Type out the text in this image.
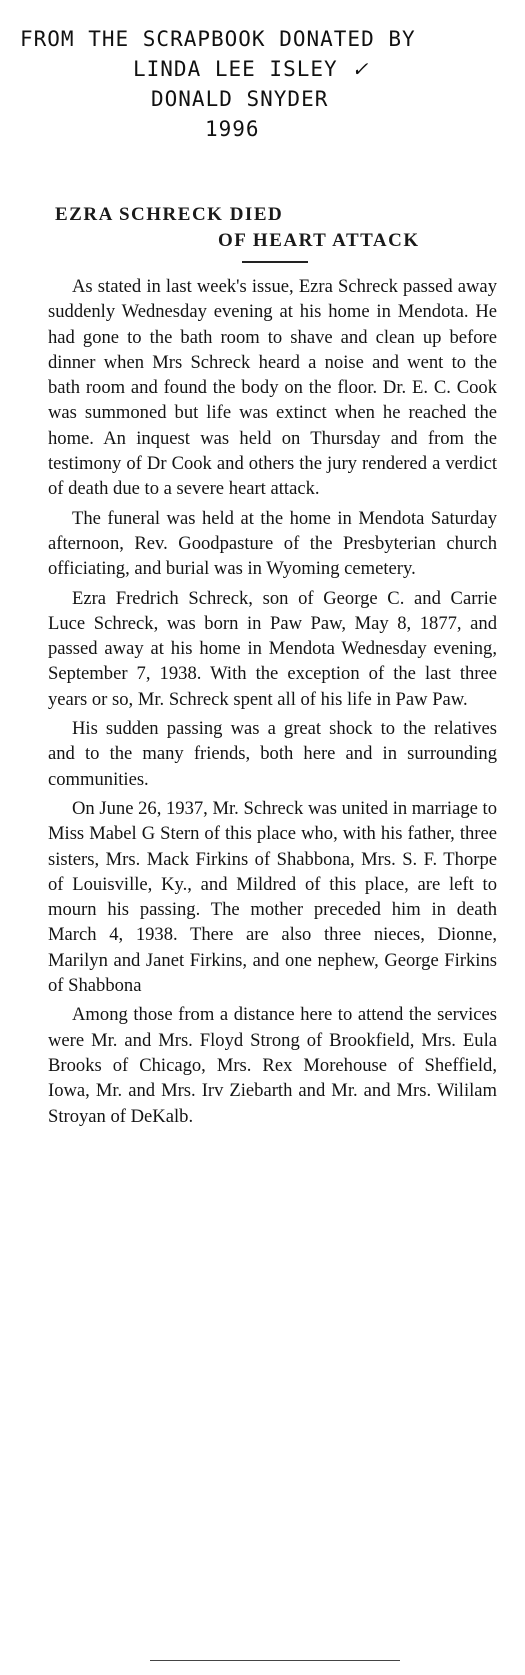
FROM THE SCRAPBOOK DONATED BY
LINDA LEE ISLEY ✓
DONALD SNYDER
1996
EZRA SCHRECK DIED
OF HEART ATTACK

As stated in last week's issue, Ezra Schreck passed away suddenly Wednesday evening at his home in Mendota. He had gone to the bath room to shave and clean up before dinner when Mrs Schreck heard a noise and went to the bath room and found the body on the floor. Dr. E. C. Cook was summoned but life was extinct when he reached the home. An inquest was held on Thursday and from the testimony of Dr Cook and others the jury rendered a verdict of death due to a severe heart attack.

The funeral was held at the home in Mendota Saturday afternoon, Rev. Goodpasture of the Presbyterian church officiating, and burial was in Wyoming cemetery.

Ezra Fredrich Schreck, son of George C. and Carrie Luce Schreck, was born in Paw Paw, May 8, 1877, and passed away at his home in Mendota Wednesday evening, September 7, 1938. With the exception of the last three years or so, Mr. Schreck spent all of his life in Paw Paw.

His sudden passing was a great shock to the relatives and to the many friends, both here and in surrounding communities.

On June 26, 1937, Mr. Schreck was united in marriage to Miss Mabel G Stern of this place who, with his father, three sisters, Mrs. Mack Firkins of Shabbona, Mrs. S. F. Thorpe of Louisville, Ky., and Mildred of this place, are left to mourn his passing. The mother preceded him in death March 4, 1938. There are also three nieces, Dionne, Marilyn and Janet Firkins, and one nephew, George Firkins of Shabbona

Among those from a distance here to attend the services were Mr. and Mrs. Floyd Strong of Brookfield, Mrs. Eula Brooks of Chicago, Mrs. Rex Morehouse of Sheffield, Iowa, Mr. and Mrs. Irv Ziebarth and Mr. and Mrs. Wililam Stroyan of DeKalb.
